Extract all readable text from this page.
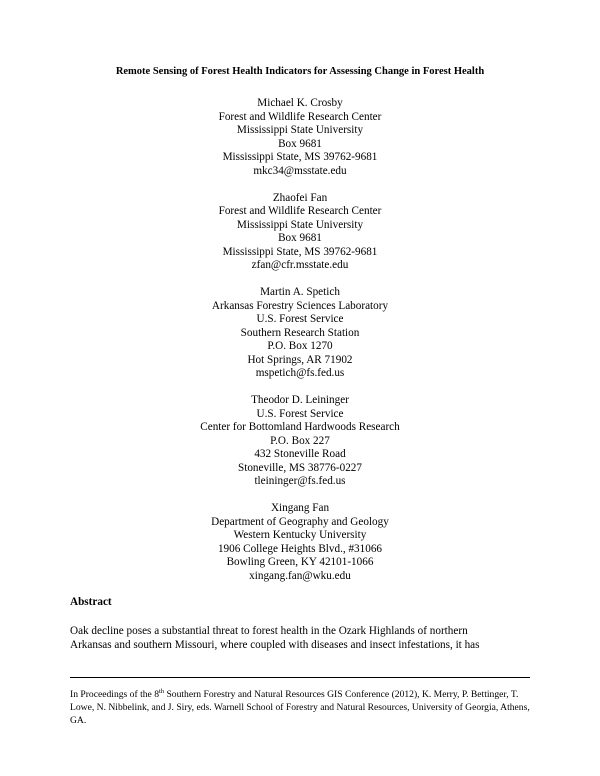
Remote Sensing of Forest Health Indicators for Assessing Change in Forest Health
Michael K. Crosby
Forest and Wildlife Research Center
Mississippi State University
Box 9681
Mississippi State, MS 39762-9681
mkc34@msstate.edu
Zhaofei Fan
Forest and Wildlife Research Center
Mississippi State University
Box 9681
Mississippi State, MS 39762-9681
zfan@cfr.msstate.edu
Martin A. Spetich
Arkansas Forestry Sciences Laboratory
U.S. Forest Service
Southern Research Station
P.O. Box 1270
Hot Springs, AR 71902
mspetich@fs.fed.us
Theodor D. Leininger
U.S. Forest Service
Center for Bottomland Hardwoods Research
P.O. Box 227
432 Stoneville Road
Stoneville, MS 38776-0227
tleininger@fs.fed.us
Xingang Fan
Department of Geography and Geology
Western Kentucky University
1906 College Heights Blvd., #31066
Bowling Green, KY 42101-1066
xingang.fan@wku.edu
Abstract
Oak decline poses a substantial threat to forest health in the Ozark Highlands of northern
Arkansas and southern Missouri, where coupled with diseases and insect infestations, it has
In Proceedings of the 8th Southern Forestry and Natural Resources GIS Conference (2012), K. Merry, P. Bettinger, T. Lowe, N. Nibbelink, and J. Siry, eds. Warnell School of Forestry and Natural Resources, University of Georgia, Athens, GA.
